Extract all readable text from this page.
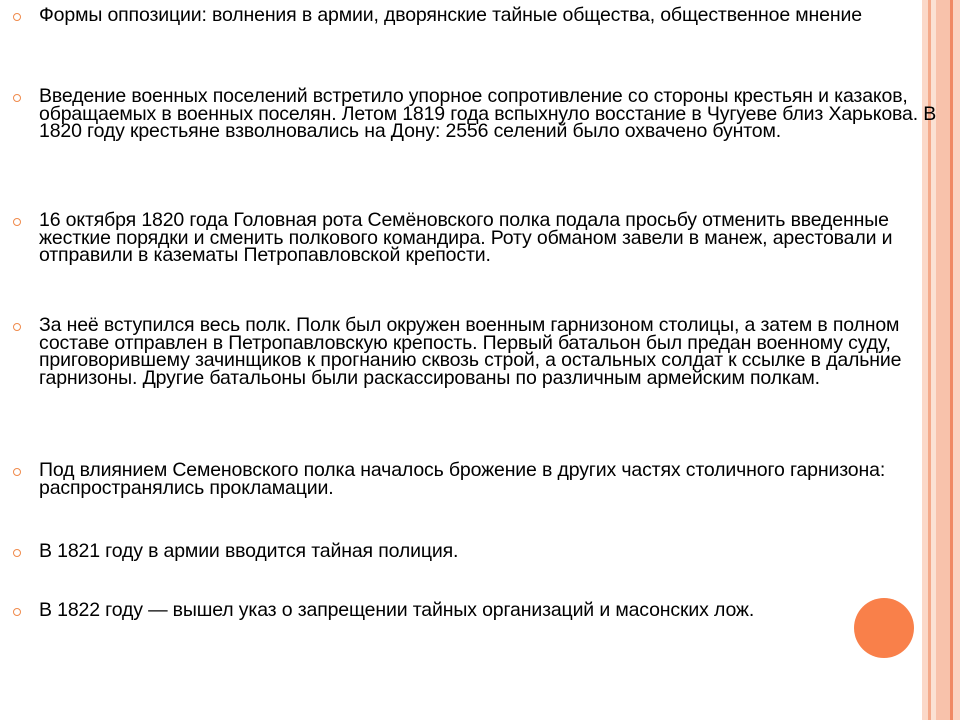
Формы оппозиции: волнения в армии, дворянские тайные общества, общественное мнение
Введение военных поселений встретило упорное сопротивление со стороны крестьян и казаков, обращаемых в военных поселян. Летом 1819 года вспыхнуло восстание в Чугуеве близ Харькова. В 1820 году крестьяне взволновались на Дону: 2556 селений было охвачено бунтом.
16 октября 1820 года Головная рота Семёновского полка подала просьбу отменить введенные жесткие порядки и сменить полкового командира. Роту обманом завели в манеж, арестовали и отправили в казематы Петропавловской крепости.
За неё вступился весь полк. Полк был окружен военным гарнизоном столицы, а затем в полном составе отправлен в Петропавловскую крепость. Первый батальон был предан военному суду, приговорившему зачинщиков к прогнанию сквозь строй, а остальных солдат к ссылке в дальние гарнизоны. Другие батальоны были раскассированы по различным армейским полкам.
Под влиянием Семеновского полка началось брожение в других частях столичного гарнизона: распространялись прокламации.
В 1821 году в армии вводится тайная полиция.
В 1822 году — вышел указ о запрещении тайных организаций и масонских лож.
